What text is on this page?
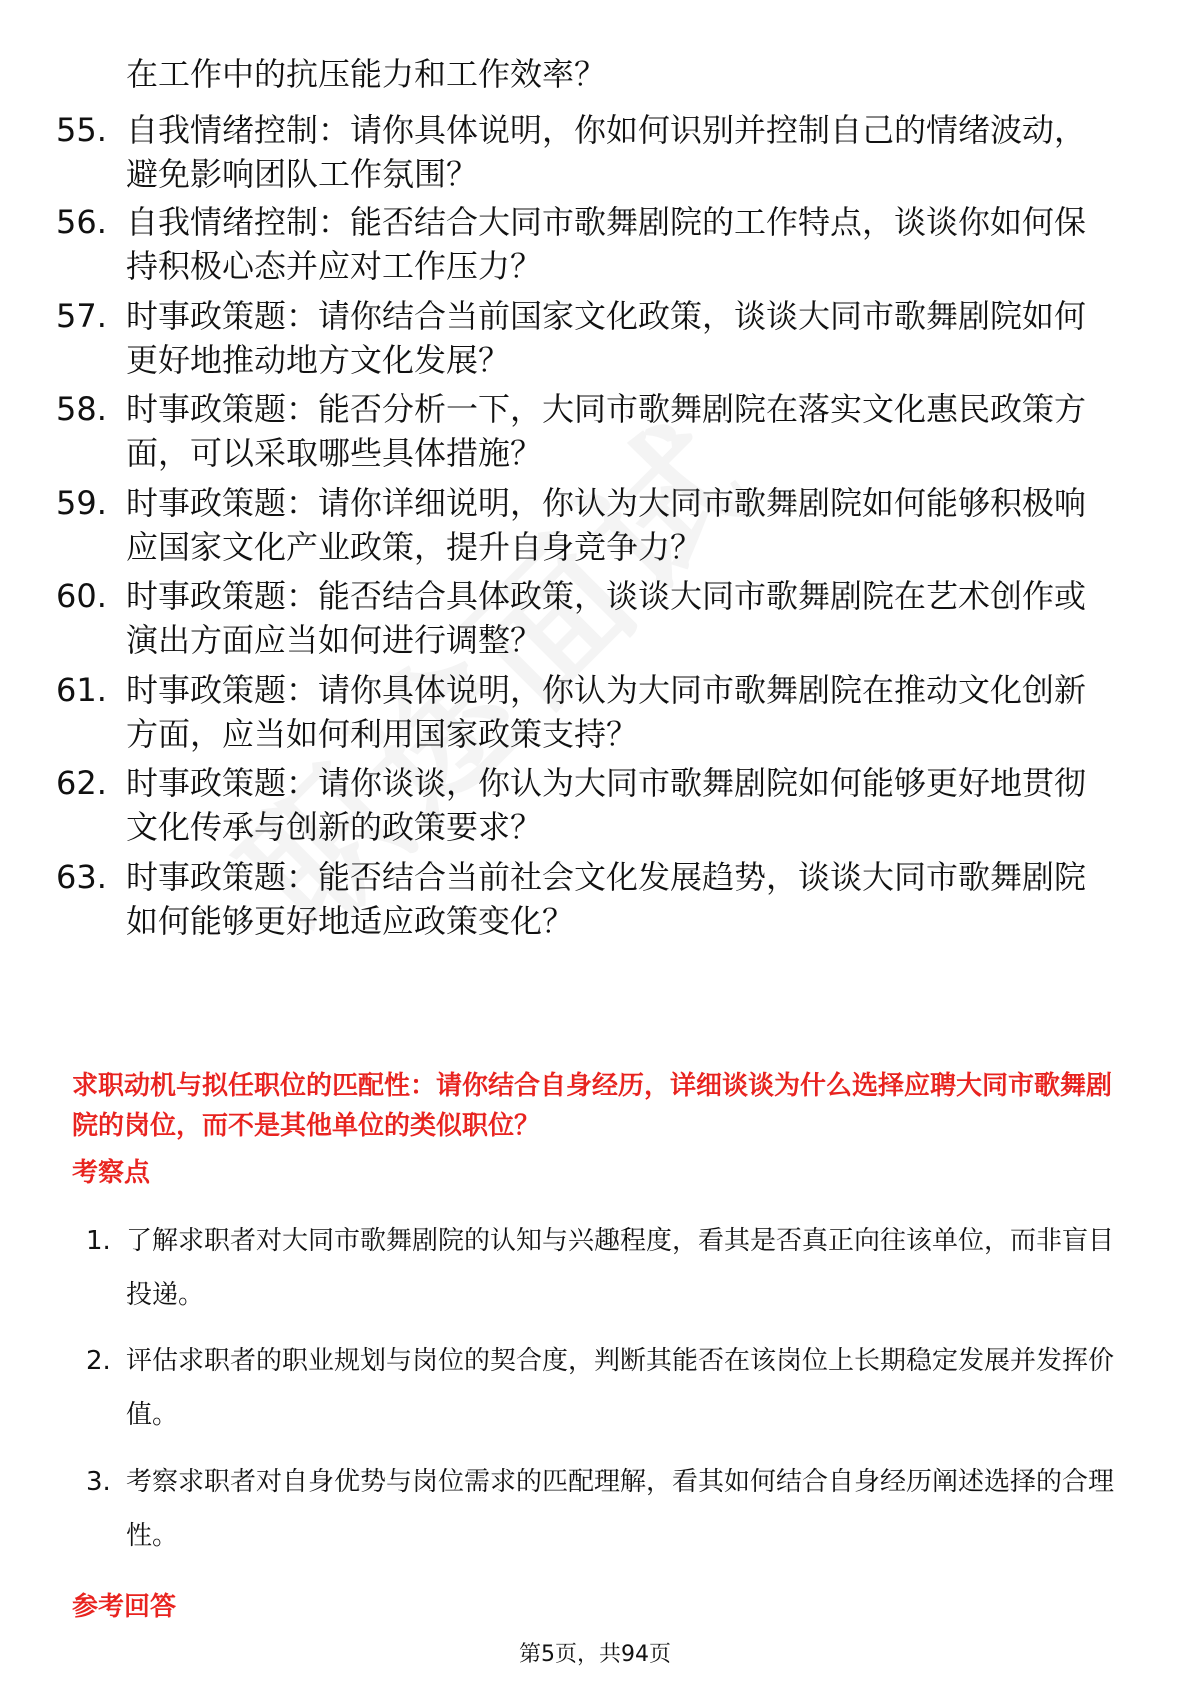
在工作中的抗压能力和工作效率？
55. 自我情绪控制：请你具体说明，你如何识别并控制自己的情绪波动，避免影响团队工作氛围？
56. 自我情绪控制：能否结合大同市歌舞剧院的工作特点，谈谈你如何保持积极心态并应对工作压力？
57. 时事政策题：请你结合当前国家文化政策，谈谈大同市歌舞剧院如何更好地推动地方文化发展？
58. 时事政策题：能否分析一下，大同市歌舞剧院在落实文化惠民政策方面，可以采取哪些具体措施？
59. 时事政策题：请你详细说明，你认为大同市歌舞剧院如何能够积极响应国家文化产业政策，提升自身竞争力？
60. 时事政策题：能否结合具体政策，谈谈大同市歌舞剧院在艺术创作或演出方面应当如何进行调整？
61. 时事政策题：请你具体说明，你认为大同市歌舞剧院在推动文化创新方面，应当如何利用国家政策支持？
62. 时事政策题：请你谈谈，你认为大同市歌舞剧院如何能够更好地贯彻文化传承与创新的政策要求？
63. 时事政策题：能否结合当前社会文化发展趋势，谈谈大同市歌舞剧院如何能够更好地适应政策变化？
求职动机与拟任职位的匹配性：请你结合自身经历，详细谈谈为什么选择应聘大同市歌舞剧院的岗位，而不是其他单位的类似职位？
考察点
1. 了解求职者对大同市歌舞剧院的认知与兴趣程度，看其是否真正向往该单位，而非盲目投递。
2. 评估求职者的职业规划与岗位的契合度，判断其能否在该岗位上长期稳定发展并发挥价值。
3. 考察求职者对自身优势与岗位需求的匹配理解，看其如何结合自身经历阐述选择的合理性。
参考回答
第5页，共94页
